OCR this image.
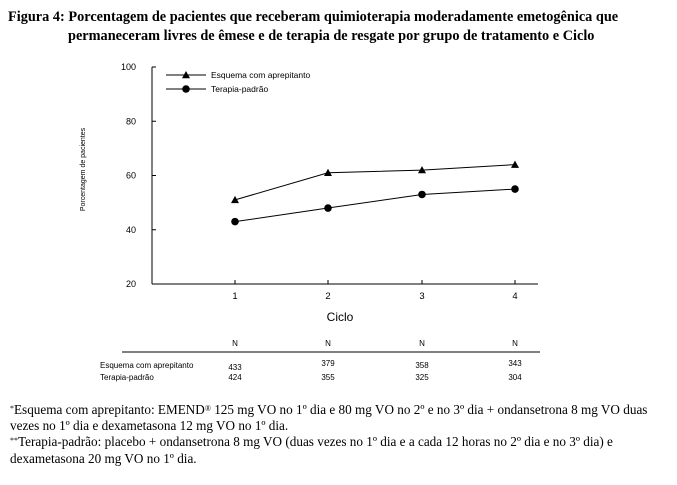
Figura 4: Porcentagem de pacientes que receberam quimioterapia moderadamente emetogênica que
permaneceram livres de êmese e de terapia de resgate por grupo de tratamento e Ciclo
20
40
60
80
100
1	2	3	4
Ciclo
Porcentagem de pacientes
Esquema com aprepitanto
Terapia-padrão
N	N	N	N
Esquema com aprepitanto	433	379	358	343
Terapia-padrão	424	355	325	304

*Esquema com aprepitanto: EMEND® 125 mg VO no 1º dia e 80 mg VO no 2º e no 3º dia + ondansetrona 8 mg VO duas vezes no 1º dia e dexametasona 12 mg VO no 1º dia.

**Terapia-padrão: placebo + ondansetrona 8 mg VO (duas vezes no 1º dia e a cada 12 horas no 2º dia e no 3º dia) e dexametasona 20 mg VO no 1º dia.
